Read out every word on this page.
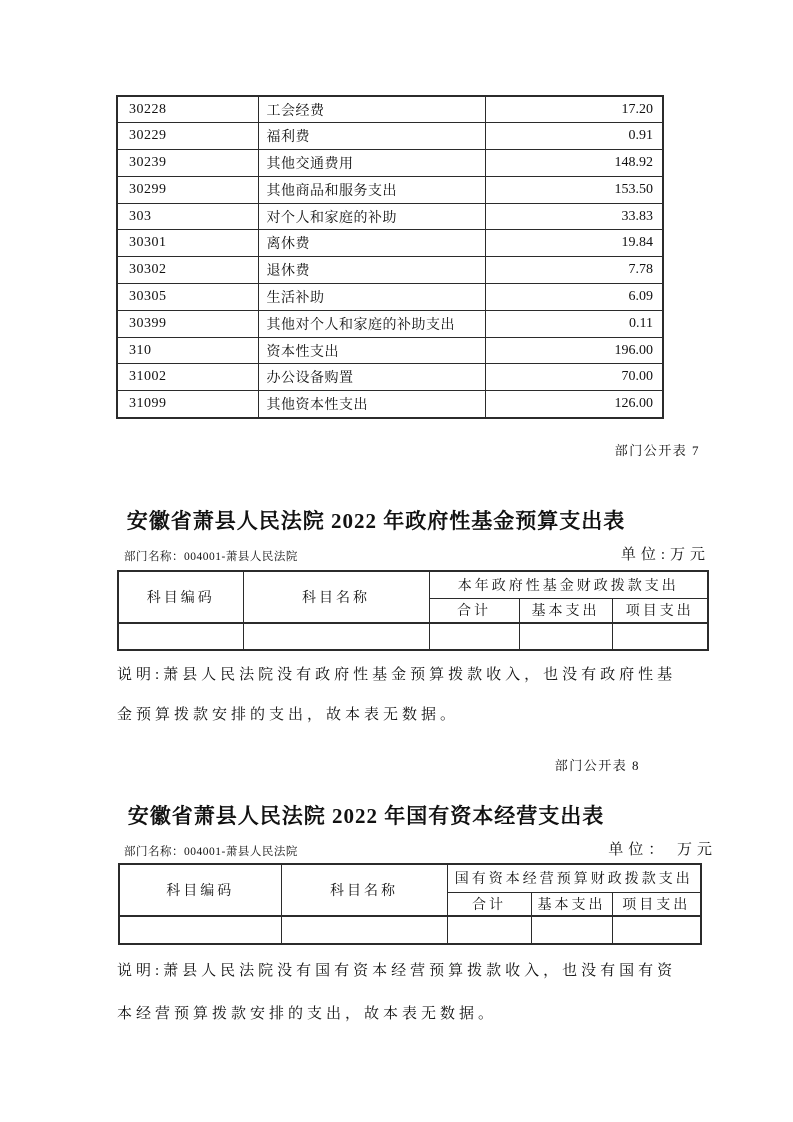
30228	工会经费	17.20
30229	福利费	0.91
30239	其他交通费用	148.92
30299	其他商品和服务支出	153.50
303	对个人和家庭的补助	33.83
30301	离休费	19.84
30302	退休费	7.78
30305	生活补助	6.09
30399	其他对个人和家庭的补助支出	0.11
310	资本性支出	196.00
31002	办公设备购置	70.00
31099	其他资本性支出	126.00
部门公开表 7
安徽省萧县人民法院 2022 年政府性基金预算支出表
部门名称：004001-萧县人民法院	单位:万元
科目编码	科目名称	本年政府性基金财政拨款支出		
		合计	基本支出	项目支出

说明:萧县人民法院没有政府性基金预算拨款收入，也没有政府性基
金预算拨款安排的支出，故本表无数据。
部门公开表 8
安徽省萧县人民法院 2022 年国有资本经营支出表
部门名称：004001-萧县人民法院	单位： 万元
科目编码	科目名称	国有资本经营预算财政拨款支出		
		合计	基本支出	项目支出

说明:萧县人民法院没有国有资本经营预算拨款收入，也没有国有资
本经营预算拨款安排的支出，故本表无数据。
